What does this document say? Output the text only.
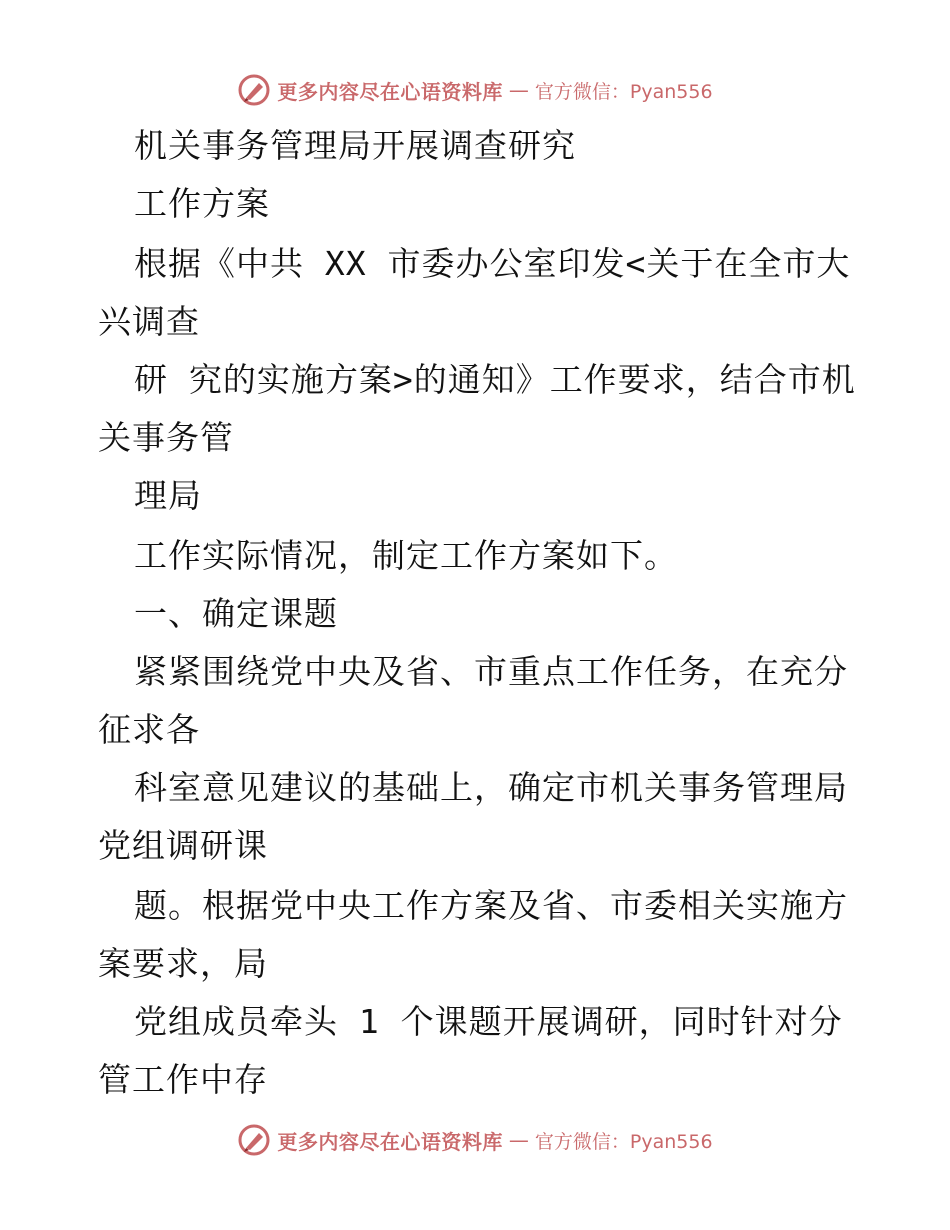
更多内容尽在心语资料库 — 官方微信：Pyan556
机关事务管理局开展调查研究
工作方案
根据《中共 XX 市委办公室印发<关于在全市大
兴调查
研 究的实施方案>的通知》工作要求，结合市机
关事务管
理局
工作实际情况，制定工作方案如下。
一、确定课题
紧紧围绕党中央及省、市重点工作任务，在充分
征求各
科室意见建议的基础上，确定市机关事务管理局
党组调研课
题。根据党中央工作方案及省、市委相关实施方
案要求，局
党组成员牵头 1 个课题开展调研，同时针对分
管工作中存
更多内容尽在心语资料库 — 官方微信：Pyan556
